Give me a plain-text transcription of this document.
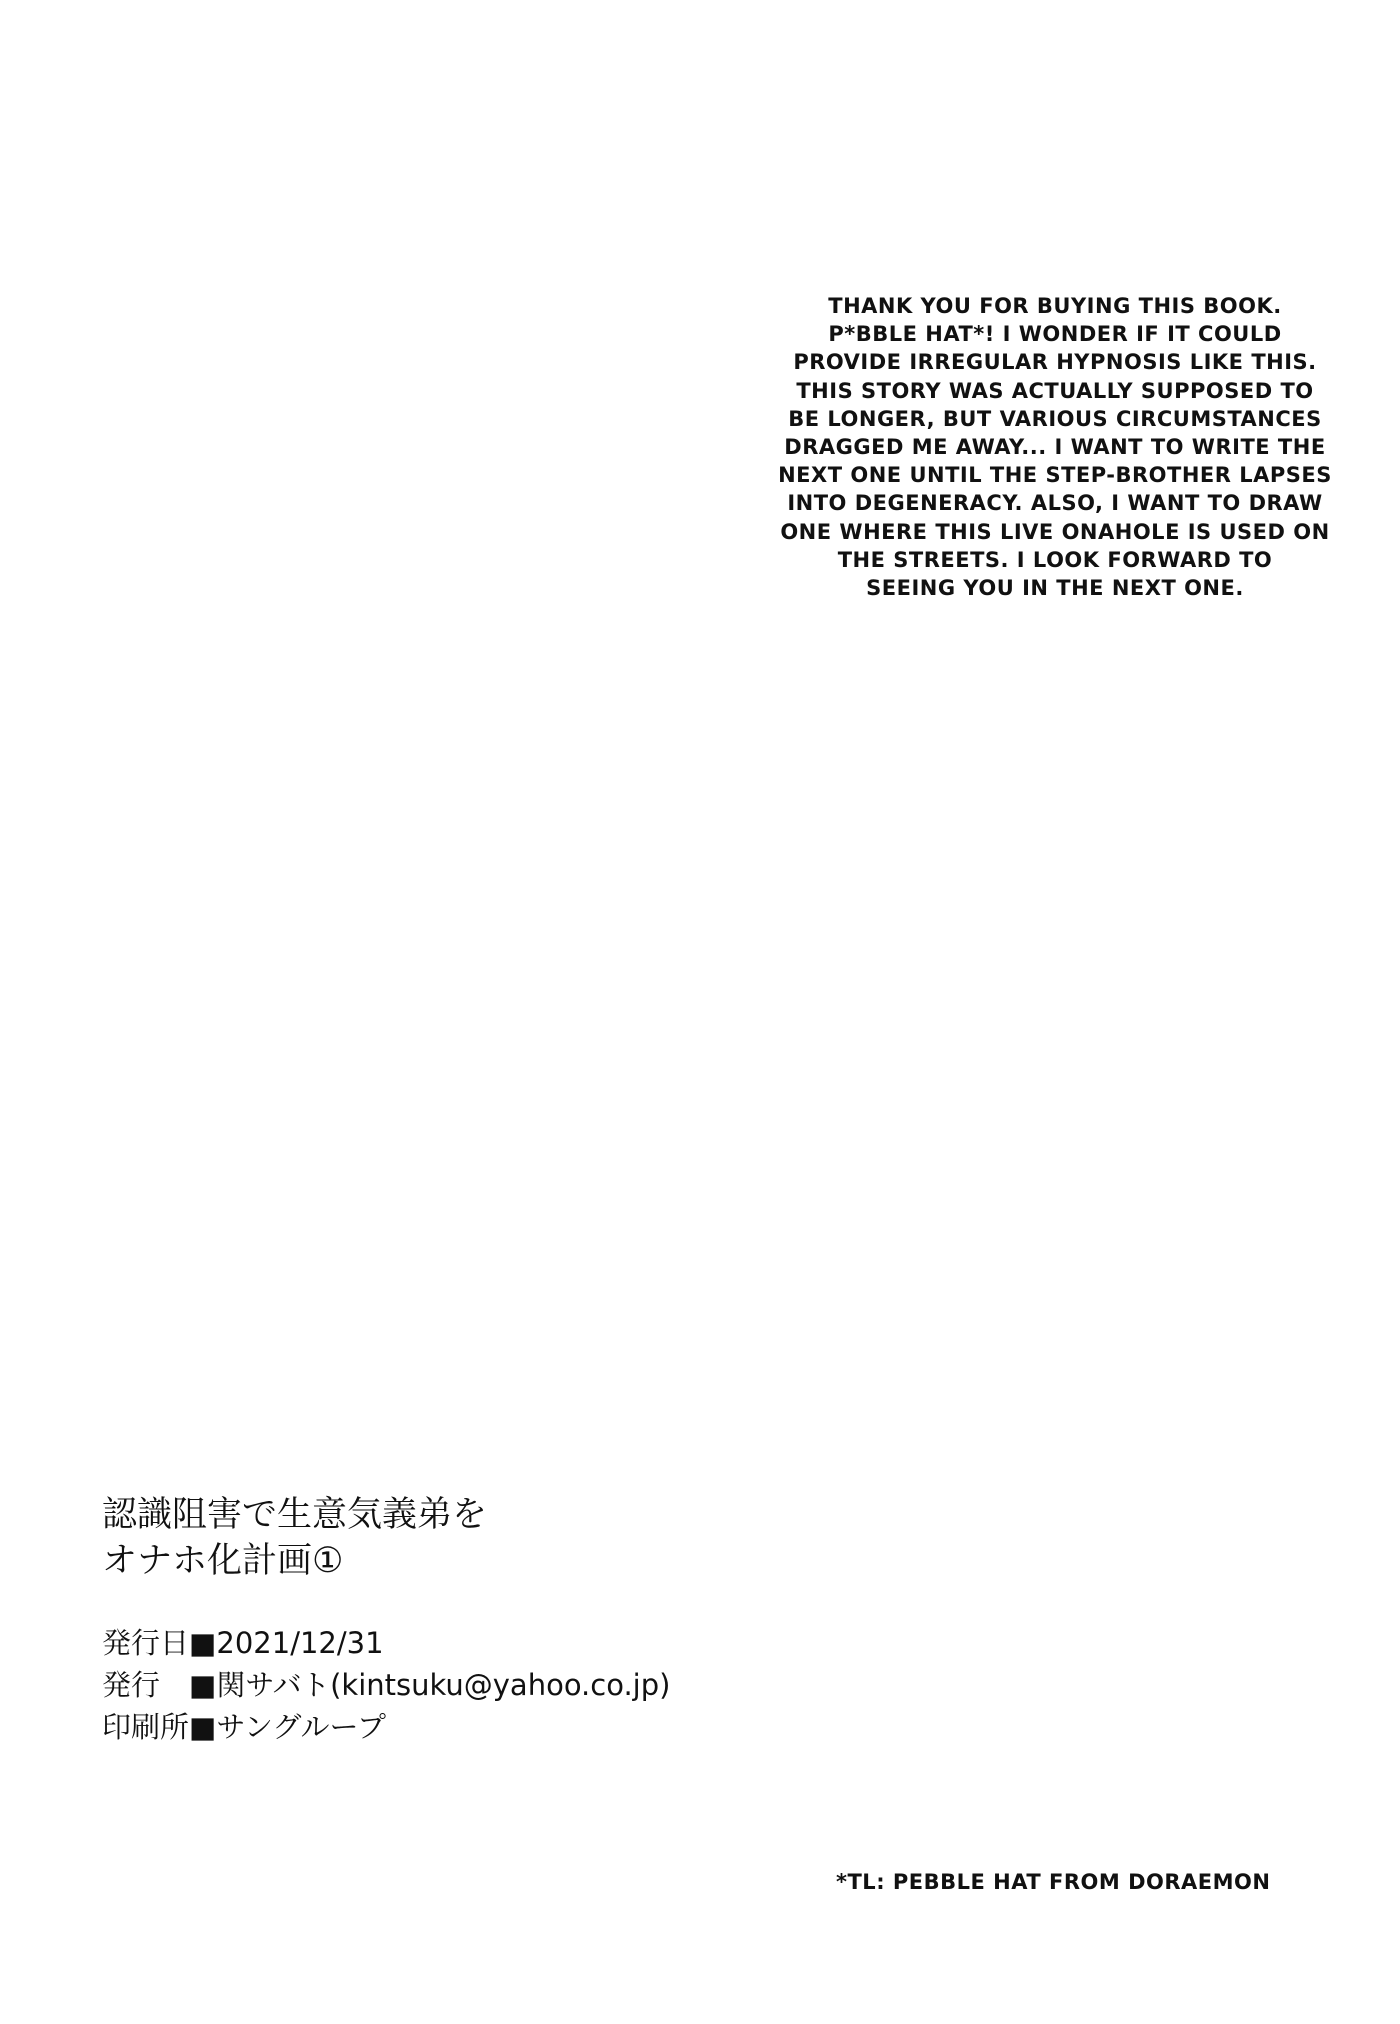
THANK YOU FOR BUYING THIS BOOK.
P*BBLE HAT*! I WONDER IF IT COULD
PROVIDE IRREGULAR HYPNOSIS LIKE THIS.
THIS STORY WAS ACTUALLY SUPPOSED TO
BE LONGER, BUT VARIOUS CIRCUMSTANCES
DRAGGED ME AWAY... I WANT TO WRITE THE
NEXT ONE UNTIL THE STEP-BROTHER LAPSES
INTO DEGENERACY. ALSO, I WANT TO DRAW
ONE WHERE THIS LIVE ONAHOLE IS USED ON
THE STREETS. I LOOK FORWARD TO
SEEING YOU IN THE NEXT ONE.
認識阻害で生意気義弟を
オナホ化計画①
発行日■2021/12/31
発行　■関サバト(kintsuku@yahoo.co.jp)
印刷所■サングループ
*TL: PEBBLE HAT FROM DORAEMON
